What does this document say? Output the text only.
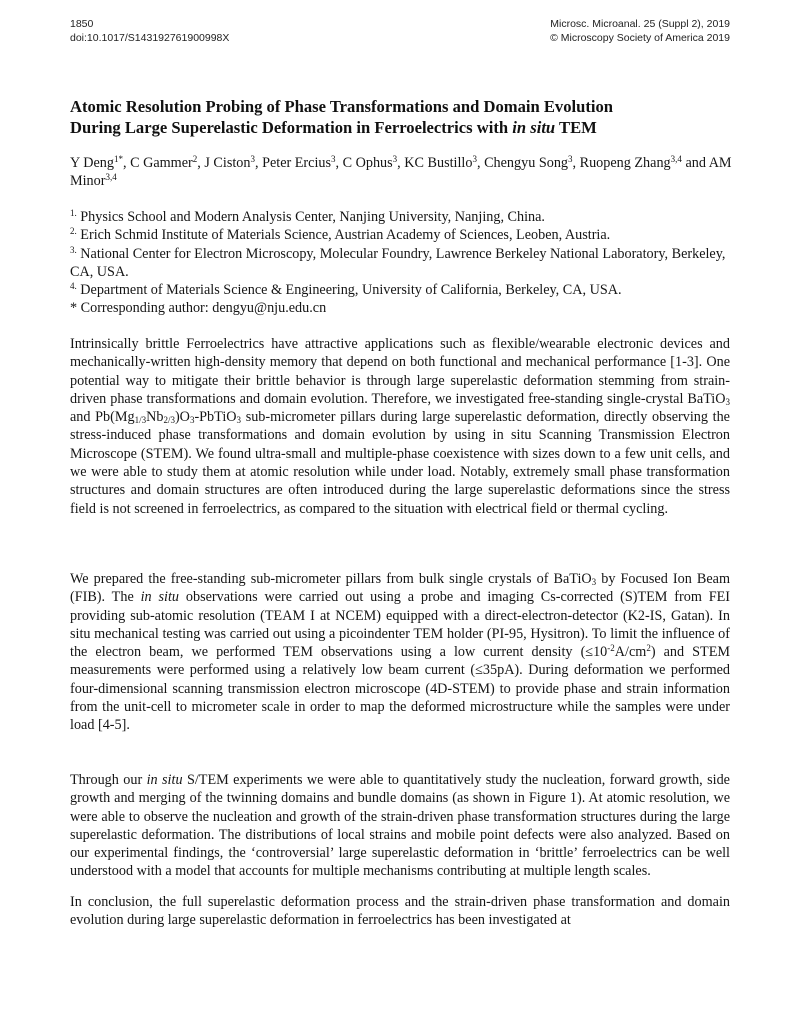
1850
doi:10.1017/S143192761900998X
Microsc. Microanal. 25 (Suppl 2), 2019
© Microscopy Society of America 2019
Atomic Resolution Probing of Phase Transformations and Domain Evolution
During Large Superelastic Deformation in Ferroelectrics with in situ TEM
Y Deng$^{1*}$, C Gammer$^2$, J Ciston$^3$, Peter Ercius$^3$, C Ophus$^3$, KC Bustillo$^3$, Chengyu Song$^3$, Ruopeng Zhang$^{3,4}$ and AM Minor$^{3,4}$

$^{1.}$ Physics School and Modern Analysis Center, Nanjing University, Nanjing, China.

$^{2.}$ Erich Schmid Institute of Materials Science, Austrian Academy of Sciences, Leoben, Austria.

$^{3.}$ National Center for Electron Microscopy, Molecular Foundry, Lawrence Berkeley National Laboratory, Berkeley, CA, USA.

$^{4.}$ Department of Materials Science & Engineering, University of California, Berkeley, CA, USA.

* Corresponding author: dengyu@nju.edu.cn

Intrinsically brittle Ferroelectrics have attractive applications such as flexible/wearable electronic devices and mechanically-written high-density memory that depend on both functional and mechanical performance [1-3]. One potential way to mitigate their brittle behavior is through large superelastic deformation stemming from strain-driven phase transformations and domain evolution. Therefore, we investigated free-standing single-crystal BaTiO$_3$ and $Pb(Mg_{1/3}Nb_{2/3})O_3-PbTiO_3$ sub-micrometer pillars during large superelastic deformation, directly observing the stress-induced phase transformations and domain evolution by using in situ Scanning Transmission Electron Microscope (STEM). We found ultra-small and multiple-phase coexistence with sizes down to a few unit cells, and we were able to study them at atomic resolution while under load. Notably, extremely small phase transformation structures and domain structures are often introduced during the large superelastic deformations since the stress field is not screened in ferroelectrics, as compared to the situation with electrical field or thermal cycling.

We prepared the free-standing sub-micrometer pillars from bulk single crystals of BaTiO$_3$ by Focused Ion Beam (FIB). The in situ observations were carried out using a probe and imaging Cs-corrected (S)TEM from FEI providing sub-atomic resolution (TEAM I at NCEM) equipped with a direct-electron-detector (K2-IS, Gatan). In situ mechanical testing was carried out using a picoindenter TEM holder (PI-95, Hysitron). To limit the influence of the electron beam, we performed TEM observations using a low current density $(\le 10^{-2}A/cm^2)$ and STEM measurements were performed using a relatively low beam current (≤35pA). During deformation we performed four-dimensional scanning transmission electron microscope (4D-STEM) to provide phase and strain information from the unit-cell to micrometer scale in order to map the deformed microstructure while the samples were under load [4-5].

Through our in situ S/TEM experiments we were able to quantitatively study the nucleation, forward growth, side growth and merging of the twinning domains and bundle domains (as shown in Figure 1). At atomic resolution, we were able to observe the nucleation and growth of the strain-driven phase transformation structures during the large superelastic deformation. The distributions of local strains and mobile point defects were also analyzed. Based on our experimental findings, the ‘controversial’ large superelastic deformation in ‘brittle’ ferroelectrics can be well understood with a model that accounts for multiple mechanisms contributing at multiple length scales.

In conclusion, the full superelastic deformation process and the strain-driven phase transformation and domain evolution during large superelastic deformation in ferroelectrics has been investigated at
